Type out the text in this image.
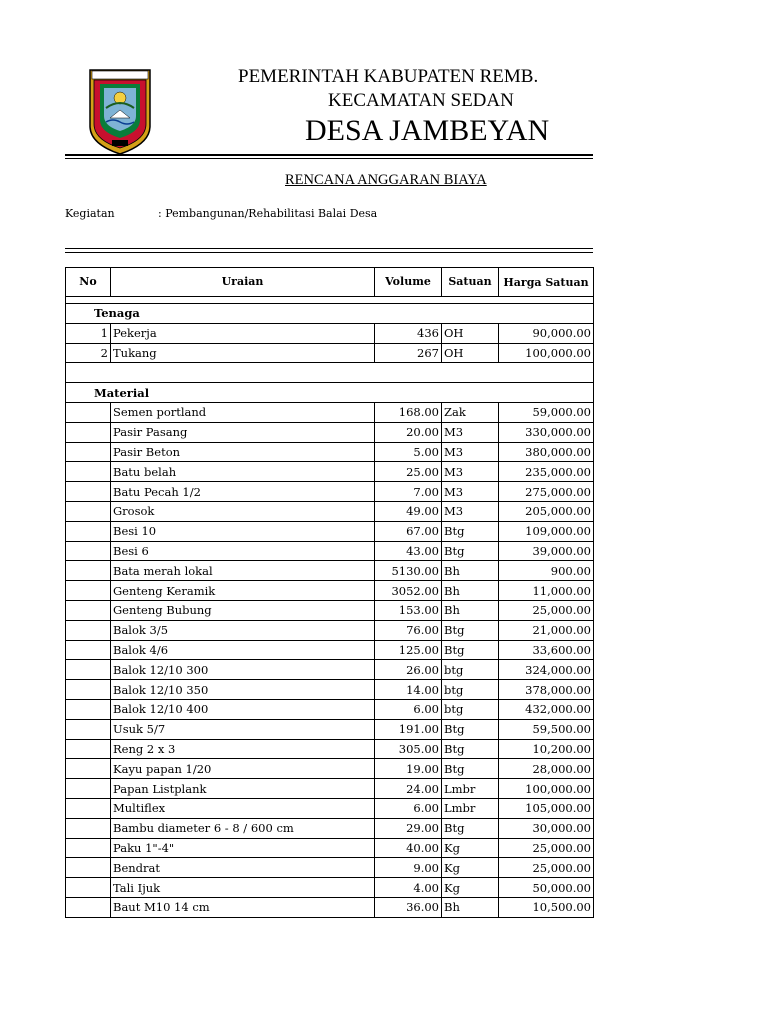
PEMERINTAH KABUPATEN REMB.
KECAMATAN SEDAN
DESA JAMBEYAN
RENCANA ANGGARAN BIAYA
Kegiatan	: Pembangunan/Rehabilitasi Balai Desa
No	Uraian	Volume	Satuan	Harga Satuan

Tenaga				
1	Pekerja	436	OH	90,000.00
2	Tukang	267	OH	100,000.00

Material				
	Semen portland	168.00	Zak	59,000.00
	Pasir Pasang	20.00	M3	330,000.00
	Pasir Beton	5.00	M3	380,000.00
	Batu belah	25.00	M3	235,000.00
	Batu Pecah 1/2	7.00	M3	275,000.00
	Grosok	49.00	M3	205,000.00
	Besi 10	67.00	Btg	109,000.00
	Besi 6	43.00	Btg	39,000.00
	Bata merah lokal	5130.00	Bh	900.00
	Genteng Keramik	3052.00	Bh	11,000.00
	Genteng Bubung	153.00	Bh	25,000.00
	Balok 3/5	76.00	Btg	21,000.00
	Balok 4/6	125.00	Btg	33,600.00
	Balok 12/10 300	26.00	btg	324,000.00
	Balok 12/10 350	14.00	btg	378,000.00
	Balok 12/10 400	6.00	btg	432,000.00
	Usuk 5/7	191.00	Btg	59,500.00
	Reng 2 x 3	305.00	Btg	10,200.00
	Kayu papan 1/20	19.00	Btg	28,000.00
	Papan Listplank	24.00	Lmbr	100,000.00
	Multiflex	6.00	Lmbr	105,000.00
	Bambu diameter 6 - 8 / 600 cm	29.00	Btg	30,000.00
	Paku 1"-4"	40.00	Kg	25,000.00
	Bendrat	9.00	Kg	25,000.00
	Tali Ijuk	4.00	Kg	50,000.00
	Baut M10 14 cm	36.00	Bh	10,500.00
